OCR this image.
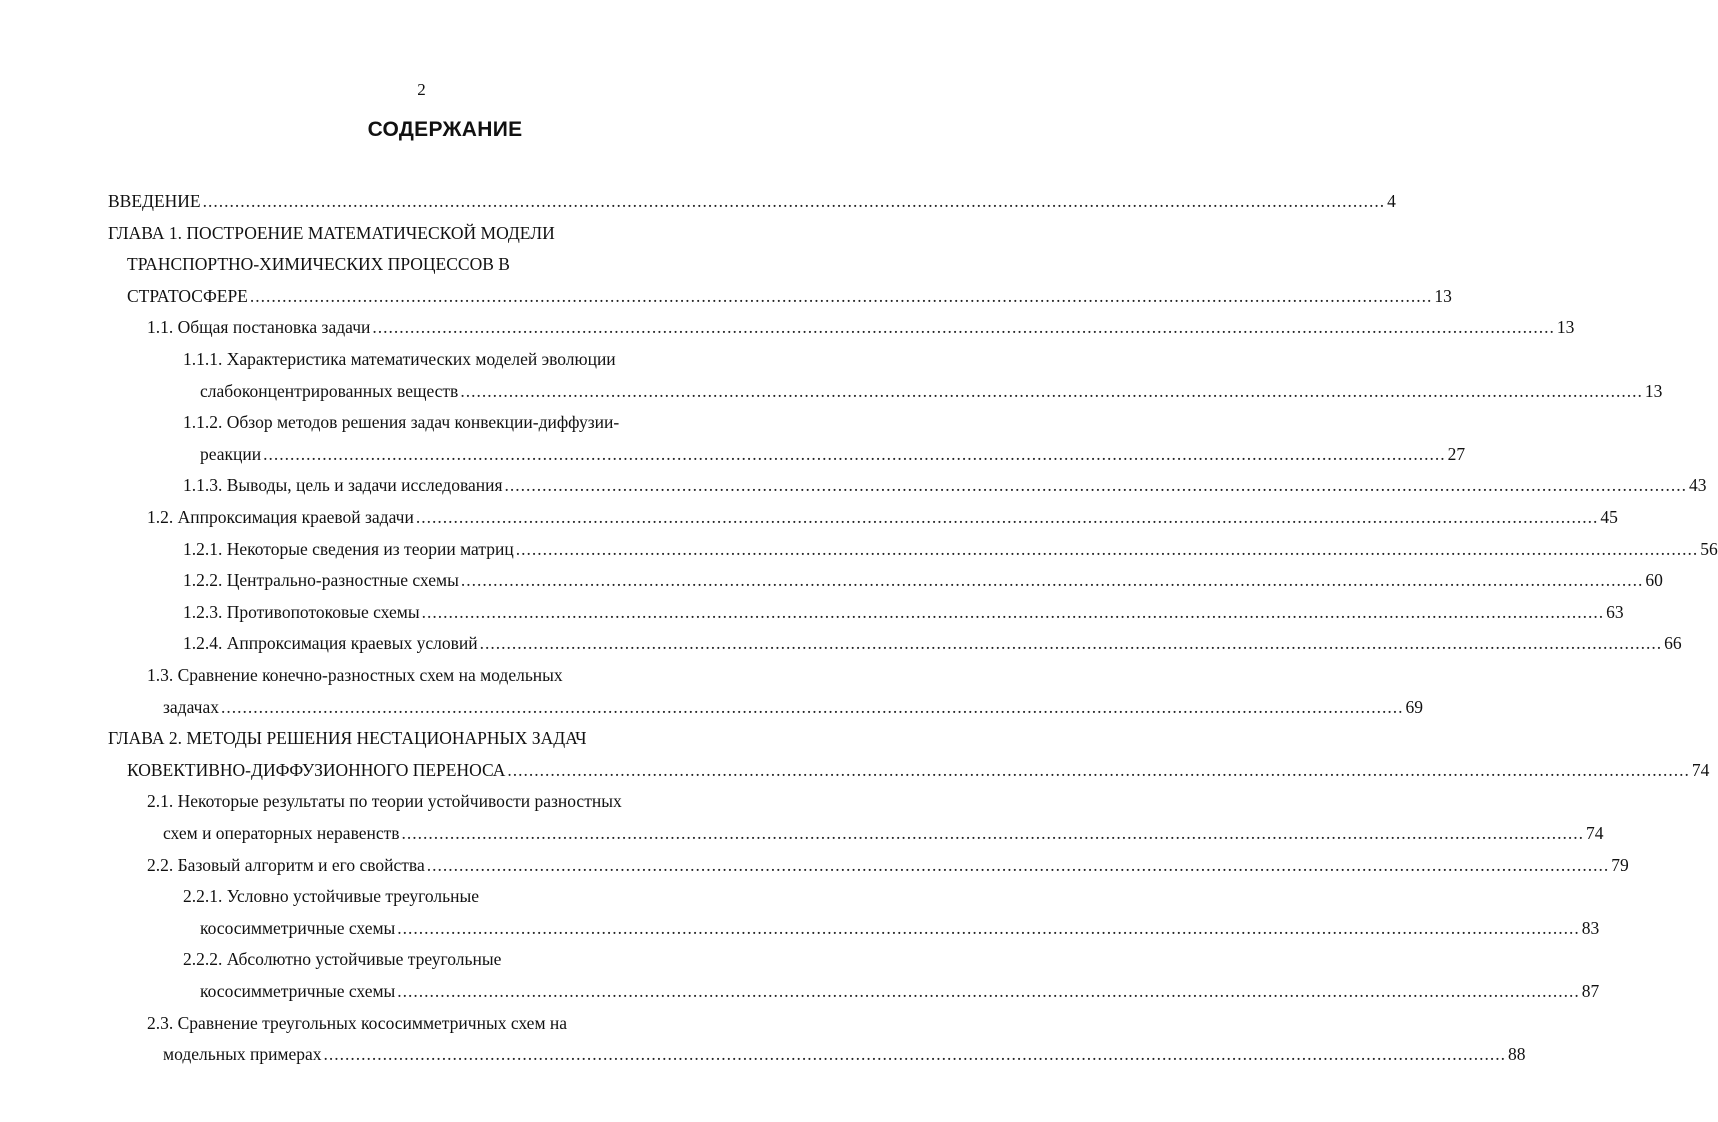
2
СОДЕРЖАНИЕ
ВВЕДЕНИЕ ............................................................................................................................................................................................................................ 4
ГЛАВА 1. ПОСТРОЕНИЕ МАТЕМАТИЧЕСКОЙ МОДЕЛИ
ТРАНСПОРТНО-ХИМИЧЕСКИХ ПРОЦЕССОВ В
СТРАТОСФЕРЕ ............................................................................................................................................................................................................................ 13
1.1. Общая постановка задачи ............................................................................................................................................................................................................................ 13
1.1.1. Характеристика математических моделей эволюции
слабоконцентрированных веществ ............................................................................................................................................................................................................................ 13
1.1.2. Обзор методов решения задач конвекции-диффузии-
реакции ............................................................................................................................................................................................................................ 27
1.1.3. Выводы, цель и задачи исследования ............................................................................................................................................................................................................................ 43
1.2. Аппроксимация краевой задачи ............................................................................................................................................................................................................................ 45
1.2.1. Некоторые сведения из теории матриц ............................................................................................................................................................................................................................ 56
1.2.2. Центрально-разностные схемы ............................................................................................................................................................................................................................ 60
1.2.3. Противопотоковые схемы ............................................................................................................................................................................................................................ 63
1.2.4. Аппроксимация краевых условий ............................................................................................................................................................................................................................ 66
1.3. Сравнение конечно-разностных схем на модельных
задачах ............................................................................................................................................................................................................................ 69
ГЛАВА 2. МЕТОДЫ РЕШЕНИЯ НЕСТАЦИОНАРНЫХ ЗАДАЧ
КОВЕКТИВНО-ДИФФУЗИОННОГО ПЕРЕНОСА ............................................................................................................................................................................................................................ 74
2.1. Некоторые результаты по теории устойчивости разностных
схем и операторных неравенств ............................................................................................................................................................................................................................ 74
2.2. Базовый алгоритм и его свойства ............................................................................................................................................................................................................................ 79
2.2.1. Условно устойчивые треугольные
кососимметричные схемы ............................................................................................................................................................................................................................ 83
2.2.2. Абсолютно устойчивые треугольные
кососимметричные схемы ............................................................................................................................................................................................................................ 87
2.3. Сравнение треугольных кососимметричных схем на
модельных примерах ............................................................................................................................................................................................................................ 88
